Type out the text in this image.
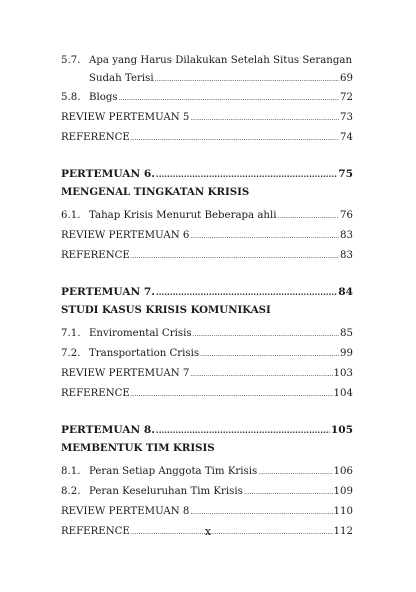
5.7. Apa yang Harus Dilakukan Setelah Situs Serangan
Sudah Terisi .....	69
5.8. Blogs .....	72
REVIEW PERTEMUAN 5 .....	73
REFERENCE .....	74
PERTEMUAN 6. .....	75
MENGENAL TINGKATAN KRISIS
6.1. Tahap Krisis Menurut Beberapa ahli .....	76
REVIEW PERTEMUAN 6 .....	83
REFERENCE .....	83
PERTEMUAN 7. .....	84
STUDI KASUS KRISIS KOMUNIKASI
7.1. Enviromental Crisis .....	85
7.2. Transportation Crisis .....	99
REVIEW PERTEMUAN 7 .....	103
REFERENCE .....	104
PERTEMUAN 8. .....	105
MEMBENTUK TIM KRISIS
8.1. Peran Setiap Anggota Tim Krisis .....	106
8.2. Peran Keseluruhan Tim Krisis .....	109
REVIEW PERTEMUAN 8 .....	110
REFERENCE .....	112
x
